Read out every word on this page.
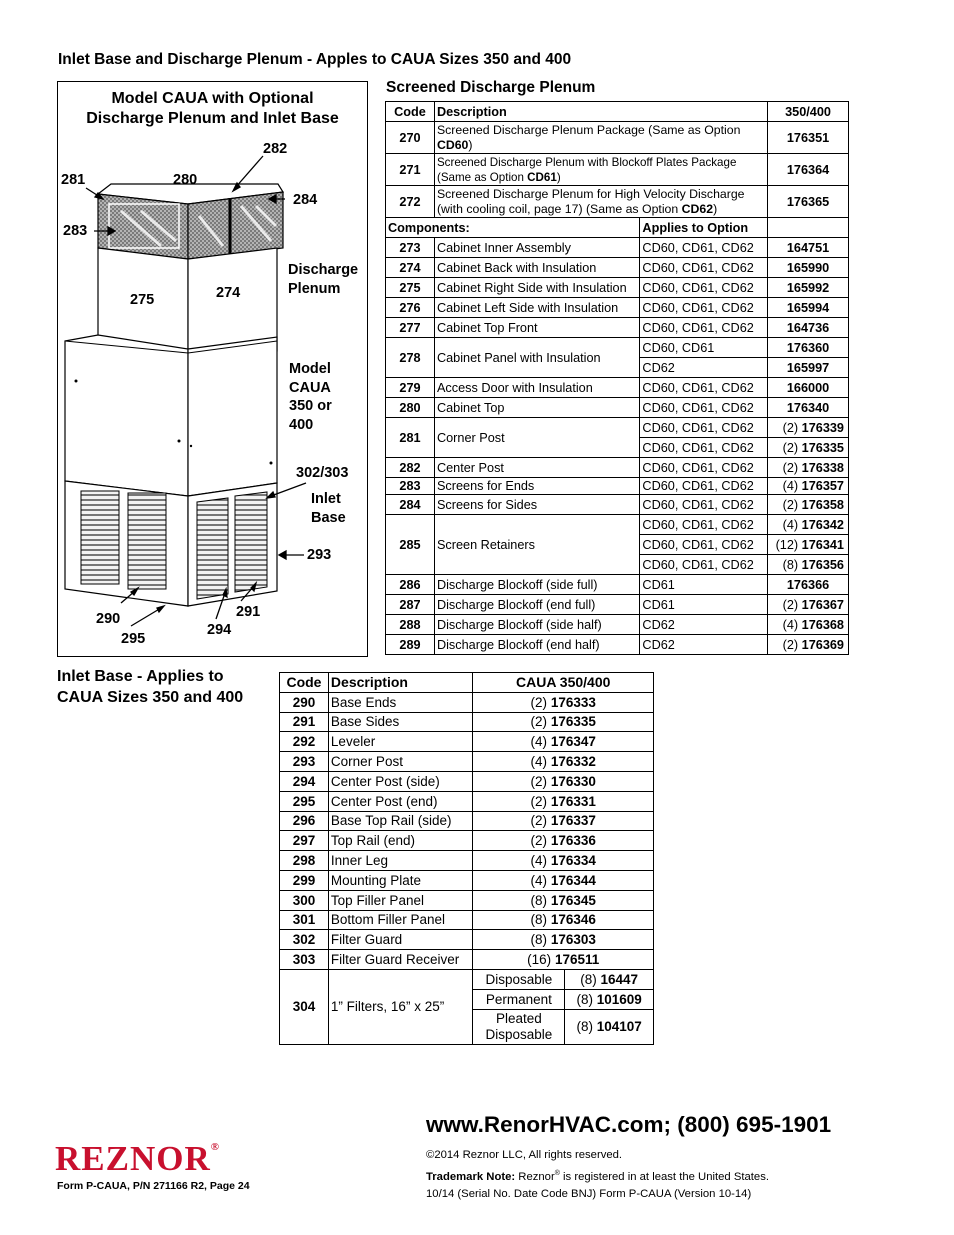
Inlet Base and Discharge Plenum - Apples to CAUA Sizes 350 and 400
Model CAUA with Optional
Discharge Plenum and Inlet Base
282
281	280
284
283
275	274
Discharge Plenum
Model CAUA 350 or 400
302/303
Inlet Base
293
290	291
295
294
Screened Discharge Plenum
Code	Description		350/400
270	Screened Discharge Plenum Package (Same as Option CD60)		176351
271	Screened Discharge Plenum with Blockoff Plates Package (Same as Option CD61)		176364
272	Screened Discharge Plenum for High Velocity Discharge (with cooling coil, page 17) (Same as Option CD62)		176365
Components:		Applies to Option	
273	Cabinet Inner Assembly	CD60, CD61, CD62	164751
274	Cabinet Back with Insulation	CD60, CD61, CD62	165990
275	Cabinet Right Side with Insulation	CD60, CD61, CD62	165992
276	Cabinet Left Side with Insulation	CD60, CD61, CD62	165994
277	Cabinet Top Front	CD60, CD61, CD62	164736
278	Cabinet Panel with Insulation	CD60, CD61	176360
		CD62	165997
279	Access Door with Insulation	CD60, CD61, CD62	166000
280	Cabinet Top	CD60, CD61, CD62	176340
281	Corner Post	CD60, CD61, CD62	(2) 176339
		CD60, CD61, CD62	(2) 176335
282	Center Post	CD60, CD61, CD62	(2) 176338
283	Screens for Ends	CD60, CD61, CD62	(4) 176357
284	Screens for Sides	CD60, CD61, CD62	(2) 176358
285	Screen Retainers	CD60, CD61, CD62	(4) 176342
		CD60, CD61, CD62	(12) 176341
		CD60, CD61, CD62	(8) 176356
286	Discharge Blockoff (side full)	CD61	176366
287	Discharge Blockoff (end full)	CD61	(2) 176367
288	Discharge Blockoff (side half)	CD62	(4) 176368
289	Discharge Blockoff (end half)	CD62	(2) 176369
Inlet Base - Applies to CAUA Sizes 350 and 400
Code	Description	CAUA 350/400	
290	Base Ends	(2) 176333	
291	Base Sides	(2) 176335	
292	Leveler	(4) 176347	
293	Corner Post	(4) 176332	
294	Center Post (side)	(2) 176330	
295	Center Post (end)	(2) 176331	
296	Base Top Rail (side)	(2) 176337	
297	Top Rail (end)	(2) 176336	
298	Inner Leg	(4) 176334	
299	Mounting Plate	(4) 176344	
300	Top Filler Panel	(8) 176345	
301	Bottom Filler Panel	(8) 176346	
302	Filter Guard	(8) 176303	
303	Filter Guard Receiver	(16) 176511	
304	1” Filters, 16” x 25”	Disposable	(8) 16447
		Permanent	(8) 101609
		Pleated Disposable	(8) 104107
www.RenorHVAC.com; (800) 695-1901
©2014 Reznor LLC, All rights reserved.
Trademark Note: Reznor® is registered in at least the United States.
10/14 (Serial No. Date Code BNJ) Form P-CAUA (Version 10-14)
REZNOR®
Form P-CAUA, P/N 271166 R2, Page 24
